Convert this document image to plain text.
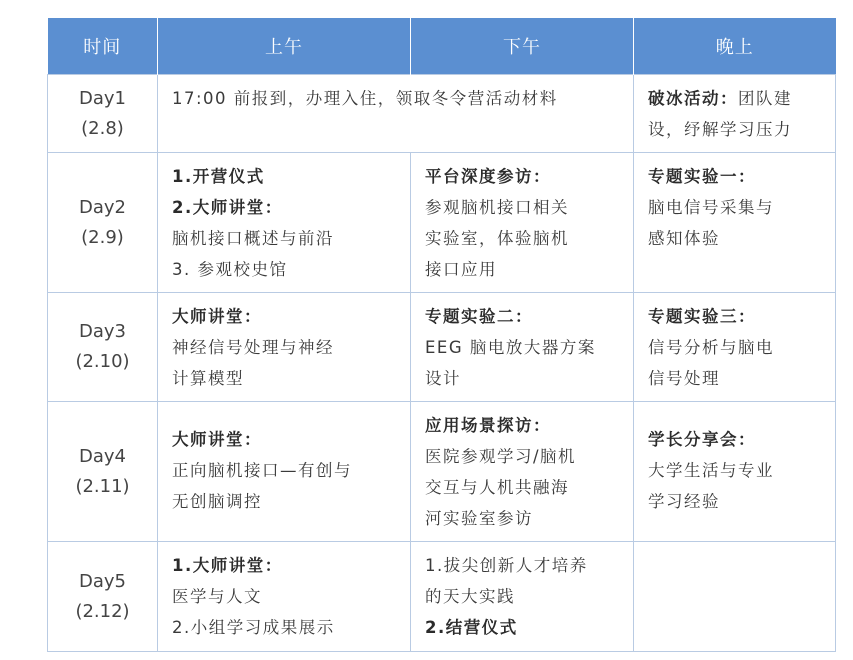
时间	上午	下午	晚上

Day1
(2.8)	17:00 前报到，办理入住，领取冬令营活动材料		破冰活动：团队建设，纾解学习压力

Day2
(2.9)	1.开营仪式
2.大师讲堂：
脑机接口概述与前沿
3. 参观校史馆	平台深度参访：
参观脑机接口相关
实验室，体验脑机
接口应用	专题实验一：
脑电信号采集与
感知体验

Day3
(2.10)	大师讲堂：
神经信号处理与神经
计算模型	专题实验二：
EEG 脑电放大器方案
设计	专题实验三：
信号分析与脑电
信号处理

Day4
(2.11)	大师讲堂：
正向脑机接口—有创与
无创脑调控	应用场景探访：
医院参观学习/脑机
交互与人机共融海
河实验室参访	学长分享会：
大学生活与专业
学习经验

Day5
(2.12)	1.大师讲堂：
医学与人文
2.小组学习成果展示	1.拔尖创新人才培养
的天大实践
2.结营仪式	
